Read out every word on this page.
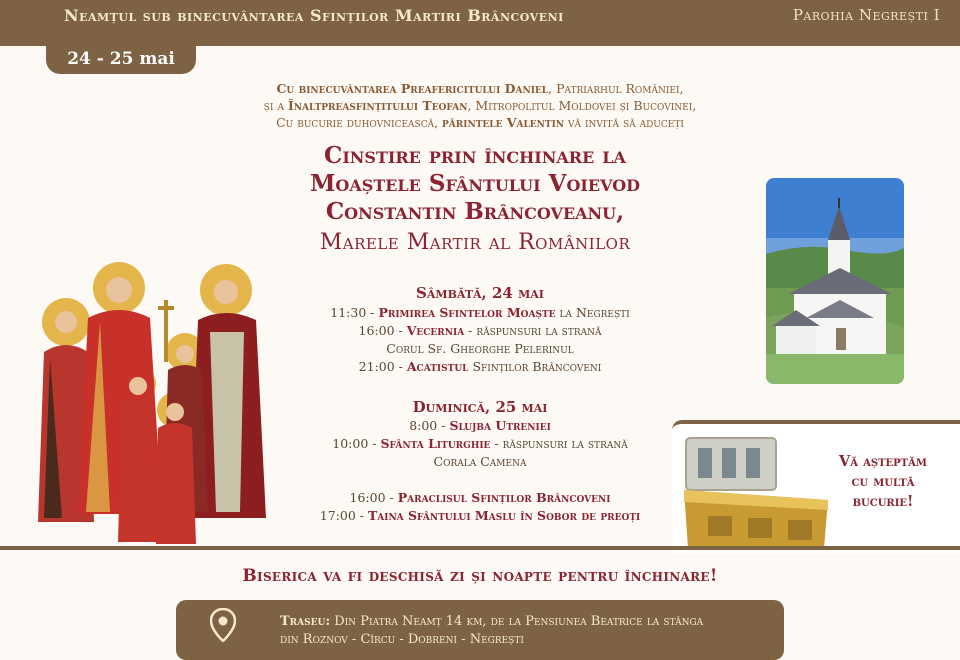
Neamțul sub binecuvântarea Sfinților Martiri Brâncoveni	Parohia Negrești I
24 - 25 mai
Cu binecuvântarea Preafericitului Daniel, Patriarhul României,
și a Înaltpreasfințitului Teofan, Mitropolitul Moldovei și Bucovinei,
Cu bucurie duhovnicească, părintele Valentin vă invită să aduceți
Cinstire prin închinare la
Moaștele Sfântului Voievod
Constantin Brâncoveanu,
Marele Martir al Românilor
Sâmbătă, 24 mai
11:30 - Primirea Sfintelor Moaște la Negrești
16:00 - Vecernia - răspunsuri la strană
Corul Sf. Gheorghe Pelerinul
21:00 - Acatistul Sfinților Brâncoveni
Duminică, 25 mai
8:00 - Slujba Utreniei
10:00 - Sfânta Liturghie - răspunsuri la strană
Corala Camena
16:00 - Paraclisul Sfinților Brâncoveni
17:00 - Taina Sfântului Maslu în Sobor de preoți
Vă așteptăm
cu multă
bucurie!
Biserica va fi deschisă zi și noapte pentru închinare!
Traseu: Din Piatra Neamț 14 km, de la Pensiunea Beatrice la stânga
din Roznov - Cîrcu - Dobreni - Negrești
